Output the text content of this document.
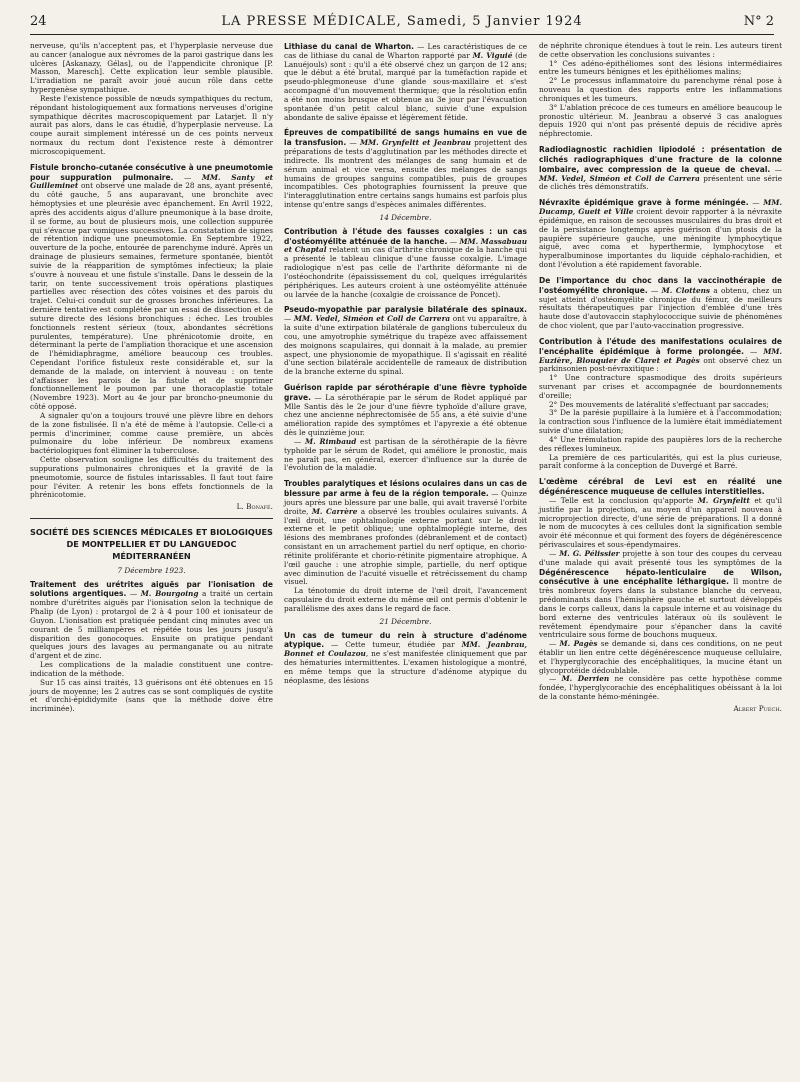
24	LA PRESSE MÉDICALE, Samedi, 5 Janvier 1924	N° 2

nerveuse, qu'ils n'acceptent pas, et l'hyperplasie nerveuse due au cancer (analogue aux névromes de la paroi gastrique dans les ulcères [Askanazy, Gélas], ou de l'appendicite chronique [P. Masson, Maresch]. Cette explication leur semble plausible. L'irradiation ne paraît avoir joué aucun rôle dans cette hypergenèse sympathique.

Reste l'existence possible de nœuds sympathiques du rectum, répondant histologiquement aux formations nerveuses d'origine sympathique décrites macroscopiquement par Latarjet. Il n'y aurait pas alors, dans le cas étudié, d'hyperplasie nerveuse. La coupe aurait simplement intéressé un de ces points nerveux normaux du rectum dont l'existence reste à démontrer microscopiquement.

Fistule broncho-cutanée consécutive à une pneumotomie pour suppuration pulmonaire. — MM. Santy et Guilleminet ont observé une malade de 28 ans, ayant présenté, du côté gauche, 5 ans auparavant, une bronchite avec hémoptysies et une pleurésie avec épanchement. En Avril 1922, après des accidents aigus d'allure pneumonique à la base droite, il se forme, au bout de plusieurs mois, une collection suppurée qui s'évacue par vomiques successives. La constatation de signes de rétention indique une pneumotomie. En Septembre 1922, ouverture de la poche, entourée de parenchyme induré. Après un drainage de plusieurs semaines, fermeture spontanée, bientôt suivie de la réapparition de symptômes infectieux; la plaie s'ouvre à nouveau et une fistule s'installe. Dans le dessein de la tarir, on tente successivement trois opérations plastiques partielles avec résection des côtes voisines et des parois du trajet. Celui-ci conduit sur de grosses bronches inférieures. La dernière tentative est complétée par un essai de dissection et de suture directe des lésions bronchiques : échec. Les troubles fonctionnels restent sérieux (toux, abondantes sécrétions purulentes, température). Une phrénicotomie droite, en déterminant la perte de l'ampliation thoracique et une ascension de l'hémidiaphragme, améliore beaucoup ces troubles. Cependant l'orifice fistuleux reste considérable et, sur la demande de la malade, on intervient à nouveau : on tente d'affaisser les parois de la fistule et de supprimer fonctionnellement le poumon par une thoracoplastie totale (Novembre 1923). Mort au 4e jour par broncho-pneumonie du côté opposé.

A signaler qu'on a toujours trouvé une plèvre libre en dehors de la zone fistulisée. Il n'a été de même à l'autopsie. Celle-ci a permis d'incriminer, comme cause première, un abcès pulmonaire du lobe inférieur. De nombreux examens bactériologiques font éliminer la tuberculose.

Cette observation souligne les difficultés du traitement des suppurations pulmonaires chroniques et la gravité de la pneumotomie, source de fistules intarissables. Il faut tout faire pour l'éviter. A retenir les bons effets fonctionnels de la phrénicotomie.

L. Bonafé.

SOCIÉTÉ DES SCIENCES MÉDICALES ET BIOLOGIQUES DE MONTPELLIER ET DU LANGUEDOC MÉDITERRANÉEN

7 Décembre 1923.

Traitement des urétrites aiguës par l'ionisation de solutions argentiques. — M. Bourgoing a traité un certain nombre d'urétrites aiguës par l'ionisation selon la technique de Phalip (de Lyon) : protargol de 2 à 4 pour 100 et ionisateur de Guyon. L'ionisation est pratiquée pendant cinq minutes avec un courant de 5 milliampères et répétée tous les jours jusqu'à disparition des gonocoques. Ensuite on pratique pendant quelques jours des lavages au permanganate ou au nitrate d'argent et de zinc.

Les complications de la maladie constituent une contre-indication de la méthode.

Sur 15 cas ainsi traités, 13 guérisons ont été obtenues en 15 jours de moyenne; les 2 autres cas se sont compliqués de cystite et d'orchi-épididymite (sans que la méthode doive être incriminée).

Lithiase du canal de Wharton. — Les caractéristiques de ce cas de lithiase du canal de Wharton rapporté par M. Viguié (de Lanuéjouls) sont : qu'il a été observé chez un garçon de 12 ans; que le début a été brutal, marqué par la tuméfaction rapide et pseudo-phlegmoneuse d'une glande sous-maxillaire et s'est accompagné d'un mouvement thermique; que la résolution enfin a été non moins brusque et obtenue au 3e jour par l'évacuation spontanée d'un petit calcul blanc, suivie d'une expulsion abondante de salive épaisse et légèrement fétide.

Épreuves de compatibilité de sangs humains en vue de la transfusion. — MM. Grynfeltt et Jeanbrau projettent des préparations de tests d'agglutination par les méthodes directe et indirecte. Ils montrent des mélanges de sang humain et de sérum animal et vice versa, ensuite des mélanges de sangs humains de groupes sanguins compatibles, puis de groupes incompatibles. Ces photographies fournissent la preuve que l'interagglutination entre certains sangs humains est parfois plus intense qu'entre sangs d'espèces animales différentes.

14 Décembre.

Contribution à l'étude des fausses coxalgies : un cas d'ostéomyélite atténuée de la hanche. — MM. Massabuau et Chaptal relatent un cas d'arthrite chronique de la hanche qui a présenté le tableau clinique d'une fausse coxalgie. L'image radiologique n'est pas celle de l'arthrite déformante ni de l'ostéochondrite (épaississement du col, quelques irrégularités périphériques. Les auteurs croient à une ostéomyélite atténuée ou larvée de la hanche (coxalgie de croissance de Poncet).

Pseudo-myopathie par paralysie bilatérale des spinaux. — MM. Vedel, Siméon et Coll de Carrera ont vu apparaître, à la suite d'une extirpation bilatérale de ganglions tuberculeux du cou, une amyotrophie symétrique du trapèze avec affaissement des moignons scapulaires, qui donnait à la malade, au premier aspect, une physionomie de myopathique. Il s'agissait en réalité d'une section bilatérale accidentelle de rameaux de distribution de la branche externe du spinal.

Guérison rapide par sérothérapie d'une fièvre typhoïde grave. — La sérothérapie par le sérum de Rodet appliqué par Mlle Santis dès le 2e jour d'une fièvre typhoïde d'allure grave, chez une ancienne néphrectomisée de 55 ans, a été suivie d'une amélioration rapide des symptômes et l'apyrexie a été obtenue dès le quinzième jour.

— M. Rimbaud est partisan de la sérothérapie de la fièvre typhoïde par le sérum de Rodet, qui améliore le pronostic, mais ne paraît pas, en général, exercer d'influence sur la durée de l'évolution de la maladie.

Troubles paralytiques et lésions oculaires dans un cas de blessure par arme à feu de la région temporale. — Quinze jours après une blessure par une balle, qui avait traversé l'orbite droite, M. Carrère a observé les troubles oculaires suivants. A l'œil droit, une ophtalmologie externe portant sur le droit externe et le petit oblique; une ophtalmoplégie interne, des lésions des membranes profondes (débranlement et de contact) consistant en un arrachement partiel du nerf optique, en chorio-rétinite proliférante et chorio-rétinite pigmentaire atrophique. A l'œil gauche : une atrophie simple, partielle, du nerf optique avec diminution de l'acuité visuelle et rétrécissement du champ visuel.

La ténotomie du droit interne de l'œil droit, l'avancement capsulaire du droit externe du même œil ont permis d'obtenir le parallélisme des axes dans le regard de face.

21 Décembre.

Un cas de tumeur du rein à structure d'adénome atypique. — Cette tumeur, étudiée par MM. Jeanbrau, Bonnet et Coulazou, ne s'est manifestée cliniquement que par des hématuries intermittentes. L'examen histologique a montré, en même temps que la structure d'adénome atypique du néoplasme, des lésions

de néphrite chronique étendues à tout le rein. Les auteurs tirent de cette observation les conclusions suivantes :

1° Ces adéno-épithéliomes sont des lésions intermédiaires entre les tumeurs bénignes et les épithéliomes malins;

2° Le processus inflammatoire du parenchyme rénal pose à nouveau la question des rapports entre les inflammations chroniques et les tumeurs.

3° L'ablation précoce de ces tumeurs en améliore beaucoup le pronostic ultérieur. M. Jeanbrau a observé 3 cas analogues depuis 1920 qui n'ont pas présenté depuis de récidive après néphrectomie.

Radiodiagnostic rachidien lipiodolé : présentation de clichés radiographiques d'une fracture de la colonne lombaire, avec compression de la queue de cheval. — MM. Vedel, Siméon et Coll de Carrera présentent une série de clichés très démonstratifs.

Névraxite épidémique grave à forme méningée. — MM. Ducamp, Gueit et Ville croient devoir rapporter à la névraxite épidémique, en raison de secousses musculaires du bras droit et de la persistance longtemps après guérison d'un ptosis de la paupière supérieure gauche, une méningite lymphocytique aiguë, avec coma et hyperthermie, lymphocytose et hyperalbuminose importantes du liquide céphalo-rachidien, et dont l'évolution a été rapidement favorable.

De l'importance du choc dans la vaccinothérapie de l'ostéomyélite chronique. — M. Clottens a obtenu, chez un sujet atteint d'ostéomyélite chronique du fémur, de meilleurs résultats thérapeutiques par l'injection d'emblée d'une très haute dose d'autovaccin staphylococcique suivie de phénomènes de choc violent, que par l'auto-vaccination progressive.

Contribution à l'étude des manifestations oculaires de l'encéphalite épidémique à forme prolongée. — MM. Euzière, Blouquier de Claret et Pagès ont observé chez un parkinsonien post-névraxitique :

1° Une contracture spasmodique des droits supérieurs survenant par crises et accompagnée de bourdonnements d'oreille;

2° Des mouvements de latéralité s'effectuant par saccades;

3° De la parésie pupillaire à la lumière et à l'accommodation; la contraction sous l'influence de la lumière était immédiatement suivie d'une dilatation;

4° Une trémulation rapide des paupières lors de la recherche des réflexes lumineux.

La première de ces particularités, qui est la plus curieuse, paraît conforme à la conception de Duvergé et Barré.

L'œdème cérébral de Levi est en réalité une dégénérescence muqueuse de cellules interstitielles.

— Telle est la conclusion qu'apporte M. Grynfeltt et qu'il justifie par la projection, au moyen d'un appareil nouveau à microprojection directe, d'une série de préparations. Il a donné le nom de mucocytes à ces cellules dont la signification semble avoir été méconnue et qui forment des foyers de dégénérescence périvasculaires et sous-épendymaires.

— M. G. Pélissier projette à son tour des coupes du cerveau d'une malade qui avait présenté tous les symptômes de la Dégénérescence hépato-lenticulaire de Wilson, consécutive à une encéphalite léthargique. Il montre de très nombreux foyers dans la substance blanche du cerveau, prédominants dans l'hémisphère gauche et surtout développés dans le corps calleux, dans la capsule interne et au voisinage du bord externe des ventricules latéraux où ils soulèvent le revêtement épendymaire pour s'épancher dans la cavité ventriculaire sous forme de bouchons muqueux.

— M. Pagès se demande si, dans ces conditions, on ne peut établir un lien entre cette dégénérescence muqueuse cellulaire, et l'hyperglycorachie des encéphalitiques, la mucine étant un glycoprotéide dédoublable.

— M. Derrien ne considère pas cette hypothèse comme fondée, l'hyperglycorachie des encéphalitiques obéissant à la loi de la constante hémo-méningée.

Albert Puech.
